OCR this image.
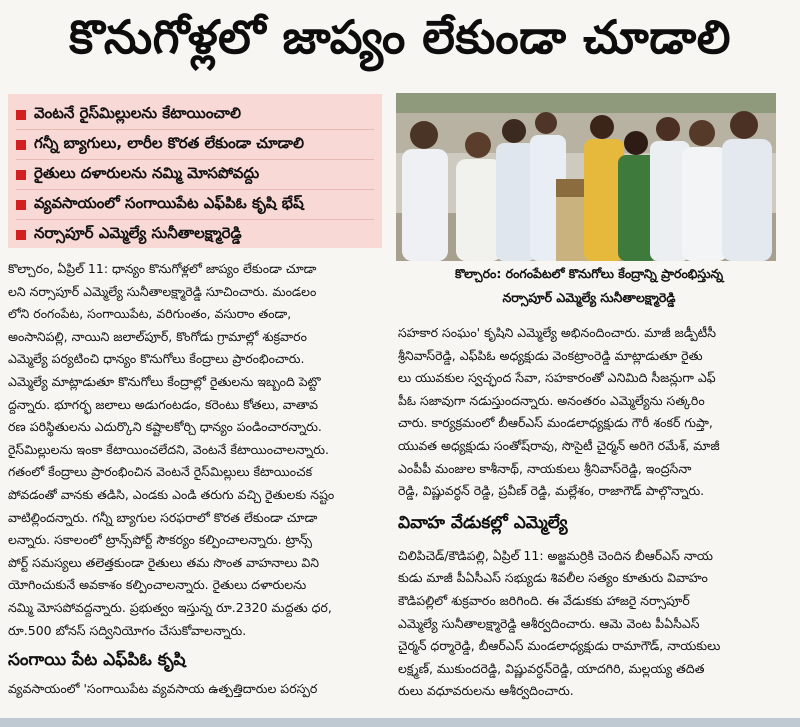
కొనుగోళ్లలో జాప్యం లేకుండా చూడాలి
వెంటనే రైస్‌మిల్లులను కేటాయించాలి
గన్నీ బ్యాగులు, లారీల కొరత లేకుండా చూడాలి
రైతులు దళారులను నమ్మి మోసపోవద్దు
వ్యవసాయంలో సంగాయిపేట ఎఫ్‌పిఓ కృషి భేష్
నర్సాపూర్ ఎమ్మెల్యే సునీతాలక్ష్మారెడ్డి
కొల్చారం: రంగంపేటలో కొనుగోలు కేంద్రాన్ని ప్రారంభిస్తున్న
నర్సాపూర్ ఎమ్మెల్యే సునీతాలక్ష్మారెడ్డి
కొల్చారం, ఏప్రిల్ 11: ధాన్యం కొనుగోళ్లలో జాప్యం లేకుండా చూడా
లని నర్సాపూర్ ఎమ్మెల్యే సునీతాలక్ష్మారెడ్డి సూచించారు. మండలం
లోని రంగంపేట, సంగాయిపేట, వరిగుంతం, వసురాం తండా,
అంసానిపల్లి, నాయిని జలాల్‌పూర్, కొంగోడు గ్రామాల్లో శుక్రవారం
ఎమ్మెల్యే పర్యటించి ధాన్యం కొనుగోలు కేంద్రాలు ప్రారంభించారు.
ఎమ్మెల్యే మాట్లాడుతూ కొనుగోలు కేంద్రాల్లో రైతులను ఇబ్బంది పెట్టొ
ద్దన్నారు. భూగర్భ జలాలు అడుగంటడం, కరెంటు కోతలు, వాతావ
రణ పరిస్థితులను ఎదుర్కొని కష్టాలకోర్చి ధాన్యం పండించారన్నారు.
రైస్‌మిల్లులను ఇంకా కేటాయించలేదని, వెంటనే కేటాయించాలన్నారు.
గతంలో కేంద్రాలు ప్రారంభించిన వెంటనే రైస్‌మిల్లులు కేటాయించక
పోవడంతో వానకు తడిసి, ఎండకు ఎండి తరుగు వచ్చి రైతులకు నష్టం
వాటిల్లిందన్నారు. గన్నీ బ్యాగుల సరఫరాలో కొరత లేకుండా చూడా
లన్నారు. సకాలంలో ట్రాన్స్‌పోర్ట్ సౌకర్యం కల్పించాలన్నారు. ట్రాన్స్
పోర్ట్ సమస్యలు తలెత్తకుండా రైతులు తమ సొంత వాహనాలు విని
యోగించుకునే అవకాశం కల్పించాలన్నారు. రైతులు దళారులను
నమ్మి మోసపోవద్దన్నారు. ప్రభుత్వం ఇస్తున్న రూ.2320 మద్దతు ధర,
రూ.500 బోనస్ సద్వినియోగం చేసుకోవాలన్నారు.
సంగాయి పేట ఎఫ్‌పిఓ కృషి
వ్యవసాయంలో 'సంగాయిపేట వ్యవసాయ ఉత్పత్తిదారుల పరస్పర
సహకార సంఘం' కృషిని ఎమ్మెల్యే అభినందించారు. మాజీ జడ్పీటీసీ
శ్రీనివాస్‌రెడ్డి, ఎఫ్‌పిఓ అధ్యక్షుడు వెంకట్రాంరెడ్డి మాట్లాడుతూ రైతు
లు యువకుల స్వచ్ఛంద సేవా, సహకారంతో ఎనిమిది సీజన్లుగా ఎఫ్
పీఓ సజావుగా నడుస్తుందన్నారు. అనంతరం ఎమ్మెల్యేను సత్కరిం
చారు. కార్యక్రమంలో బీఆర్ఎస్ మండలాధ్యక్షుడు గౌరీ శంకర్ గుప్తా,
యువత అధ్యక్షుడు సంతోష్‌రావు, సొసైటీ చైర్మన్ అరిగె రమేశ్, మాజీ
ఎంపీపీ మంజుల కాశీనాథ్, నాయకులు శ్రీనివాస్‌రెడ్డి, ఇంద్రసేనా
రెడ్డి, విష్ణువర్ధన్ రెడ్డి, ప్రవీణ్ రెడ్డి, మల్లేశం, రాజాగౌడ్ పాల్గొన్నారు.
వివాహ వేడుకల్లో ఎమ్మెల్యే
చిలిపిచెడ్/కౌడిపల్లి, ఏప్రిల్ 11: అజ్జమర్రికి చెందిన బీఆర్ఎస్ నాయ
కుడు మాజీ పీఏసీఎస్ సభ్యుడు శివలీల సత్యం కూతురు వివాహం
కౌడిపల్లిలో శుక్రవారం జరిగింది. ఈ వేడుకకు హాజరై నర్సాపూర్
ఎమ్మెల్యే సునీతాలక్ష్మారెడ్డి ఆశీర్వదించారు. ఆమె వెంట పీఏసీఎస్
చైర్మన్ ధర్మారెడ్డి, బీఆర్ఎస్ మండలాధ్యక్షుడు రామాగౌడ్, నాయకులు
లక్ష్మణ్, ముకుందరెడ్డి, విష్ణువర్ధన్‌రెడ్డి, యాదగిరి, మల్లయ్య తదిత
రులు వధూవరులను ఆశీర్వదించారు.
